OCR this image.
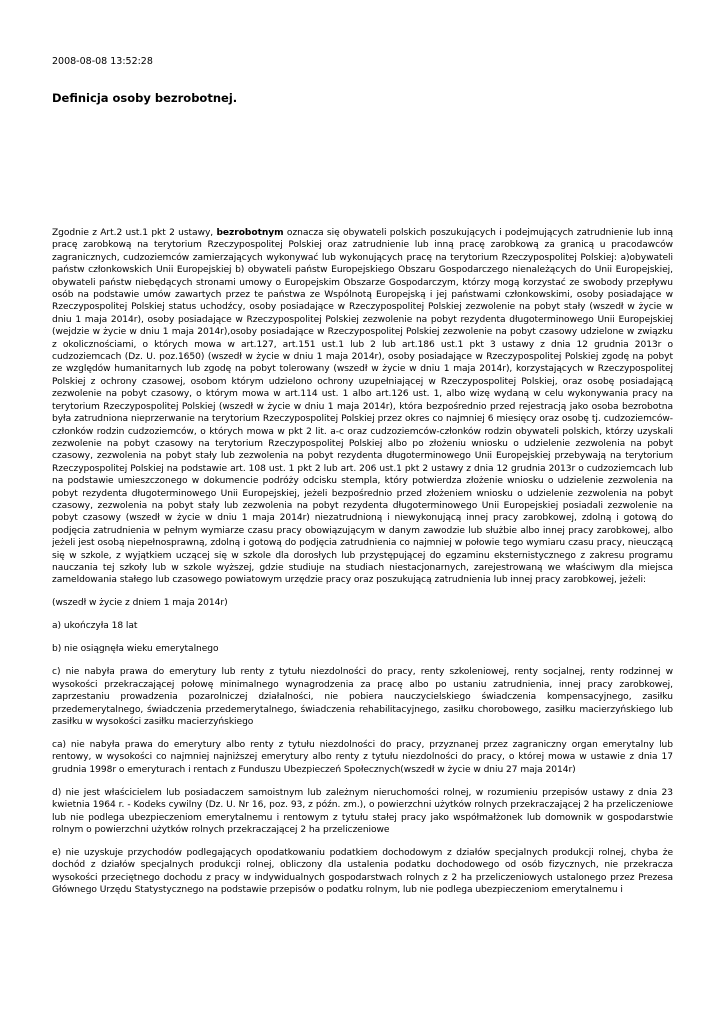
2008-08-08 13:52:28
Definicja osoby bezrobotnej.

Zgodnie z Art.2 ust.1 pkt 2 ustawy, bezrobotnym oznacza się obywateli polskich poszukujących i podejmujących zatrudnienie lub inną pracę zarobkową na terytorium Rzeczypospolitej Polskiej oraz zatrudnienie lub inną pracę zarobkową za granicą u pracodawców zagranicznych, cudzoziemców zamierzających wykonywać lub wykonujących pracę na terytorium Rzeczypospolitej Polskiej: a)obywateli państw członkowskich Unii Europejskiej b) obywateli państw Europejskiego Obszaru Gospodarczego nienależących do Unii Europejskiej, obywateli państw niebędących stronami umowy o Europejskim Obszarze Gospodarczym, którzy mogą korzystać ze swobody przepływu osób na podstawie umów zawartych przez te państwa ze Wspólnotą Europejską i jej państwami członkowskimi, osoby posiadające w Rzeczypospolitej Polskiej status uchodźcy, osoby posiadające w Rzeczypospolitej Polskiej zezwolenie na pobyt stały (wszedł w życie w dniu 1 maja 2014r), osoby posiadające w Rzeczypospolitej Polskiej zezwolenie na pobyt rezydenta długoterminowego Unii Europejskiej (wejdzie w życie w dniu 1 maja 2014r),osoby posiadające w Rzeczypospolitej Polskiej zezwolenie na pobyt czasowy udzielone w związku z okolicznościami, o których mowa w art.127, art.151 ust.1 lub 2 lub art.186 ust.1 pkt 3 ustawy z dnia 12 grudnia 2013r o cudzoziemcach (Dz. U. poz.1650) (wszedł w życie w dniu 1 maja 2014r), osoby posiadające w Rzeczypospolitej Polskiej zgodę na pobyt ze względów humanitarnych lub zgodę na pobyt tolerowany (wszedł w życie w dniu 1 maja 2014r), korzystających w Rzeczypospolitej Polskiej z ochrony czasowej, osobom którym udzielono ochrony uzupełniającej w Rzeczypospolitej Polskiej, oraz osobę posiadającą zezwolenie na pobyt czasowy, o którym mowa w art.114 ust. 1 albo art.126 ust. 1, albo wizę wydaną w celu wykonywania pracy na terytorium Rzeczypospolitej Polskiej (wszedł w życie w dniu 1 maja 2014r), która bezpośrednio przed rejestracją jako osoba bezrobotna była zatrudniona nieprzerwanie na terytorium Rzeczypospolitej Polskiej przez okres co najmniej 6 miesięcy oraz osobę tj. cudzoziemców-członków rodzin cudzoziemców, o których mowa w pkt 2 lit. a-c oraz cudzoziemców-członków rodzin obywateli polskich, którzy uzyskali zezwolenie na pobyt czasowy na terytorium Rzeczypospolitej Polskiej albo po złożeniu wniosku o udzielenie zezwolenia na pobyt czasowy, zezwolenia na pobyt stały lub zezwolenia na pobyt rezydenta długoterminowego Unii Europejskiej przebywają na terytorium Rzeczypospolitej Polskiej na podstawie art. 108 ust. 1 pkt 2 lub art. 206 ust.1 pkt 2 ustawy z dnia 12 grudnia 2013r o cudzoziemcach lub na podstawie umieszczonego w dokumencie podróży odcisku stempla, który potwierdza złożenie wniosku o udzielenie zezwolenia na pobyt rezydenta długoterminowego Unii Europejskiej, jeżeli bezpośrednio przed złożeniem wniosku o udzielenie zezwolenia na pobyt czasowy, zezwolenia na pobyt stały lub zezwolenia na pobyt rezydenta długoterminowego Unii Europejskiej posiadali zezwolenie na pobyt czasowy (wszedł w życie w dniu 1 maja 2014r) niezatrudnioną i niewykonującą innej pracy zarobkowej, zdolną i gotową do podjęcia zatrudnienia w pełnym wymiarze czasu pracy obowiązującym w danym zawodzie lub służbie albo innej pracy zarobkowej, albo jeżeli jest osobą niepełnosprawną, zdolną i gotową do podjęcia zatrudnienia co najmniej w połowie tego wymiaru czasu pracy, nieuczącą się w szkole, z wyjątkiem uczącej się w szkole dla dorosłych lub przystępującej do egzaminu eksternistycznego z zakresu programu nauczania tej szkoły lub w szkole wyższej, gdzie studiuje na studiach niestacjonarnych, zarejestrowaną we właściwym dla miejsca zameldowania stałego lub czasowego powiatowym urzędzie pracy oraz poszukującą zatrudnienia lub innej pracy zarobkowej, jeżeli:

(wszedł w życie z dniem 1 maja 2014r)

a) ukończyła 18 lat

b) nie osiągnęła wieku emerytalnego

c) nie nabyła prawa do emerytury lub renty z tytułu niezdolności do pracy, renty szkoleniowej, renty socjalnej, renty rodzinnej w wysokości przekraczającej połowę minimalnego wynagrodzenia za pracę albo po ustaniu zatrudnienia, innej pracy zarobkowej, zaprzestaniu prowadzenia pozarolniczej działalności, nie pobiera nauczycielskiego świadczenia kompensacyjnego, zasiłku przedemerytalnego, świadczenia przedemerytalnego, świadczenia rehabilitacyjnego, zasiłku chorobowego, zasiłku macierzyńskiego lub zasiłku w wysokości zasiłku macierzyńskiego

ca) nie nabyła prawa do emerytury albo renty z tytułu niezdolności do pracy, przyznanej przez zagraniczny organ emerytalny lub rentowy, w wysokości co najmniej najniższej emerytury albo renty z tytułu niezdolności do pracy, o której mowa w ustawie z dnia 17 grudnia 1998r o emeryturach i rentach z Funduszu Ubezpieczeń Społecznych(wszedł w życie w dniu 27 maja 2014r)

d) nie jest właścicielem lub posiadaczem samoistnym lub zależnym nieruchomości rolnej, w rozumieniu przepisów ustawy z dnia 23 kwietnia 1964 r. - Kodeks cywilny (Dz. U. Nr 16, poz. 93, z późn. zm.), o powierzchni użytków rolnych przekraczającej 2 ha przeliczeniowe lub nie podlega ubezpieczeniom emerytalnemu i rentowym z tytułu stałej pracy jako współmałżonek lub domownik w gospodarstwie rolnym o powierzchni użytków rolnych przekraczającej 2 ha przeliczeniowe

e) nie uzyskuje przychodów podlegających opodatkowaniu podatkiem dochodowym z działów specjalnych produkcji rolnej, chyba że dochód z działów specjalnych produkcji rolnej, obliczony dla ustalenia podatku dochodowego od osób fizycznych, nie przekracza wysokości przeciętnego dochodu z pracy w indywidualnych gospodarstwach rolnych z 2 ha przeliczeniowych ustalonego przez Prezesa Głównego Urzędu Statystycznego na podstawie przepisów o podatku rolnym, lub nie podlega ubezpieczeniom emerytalnemu i
